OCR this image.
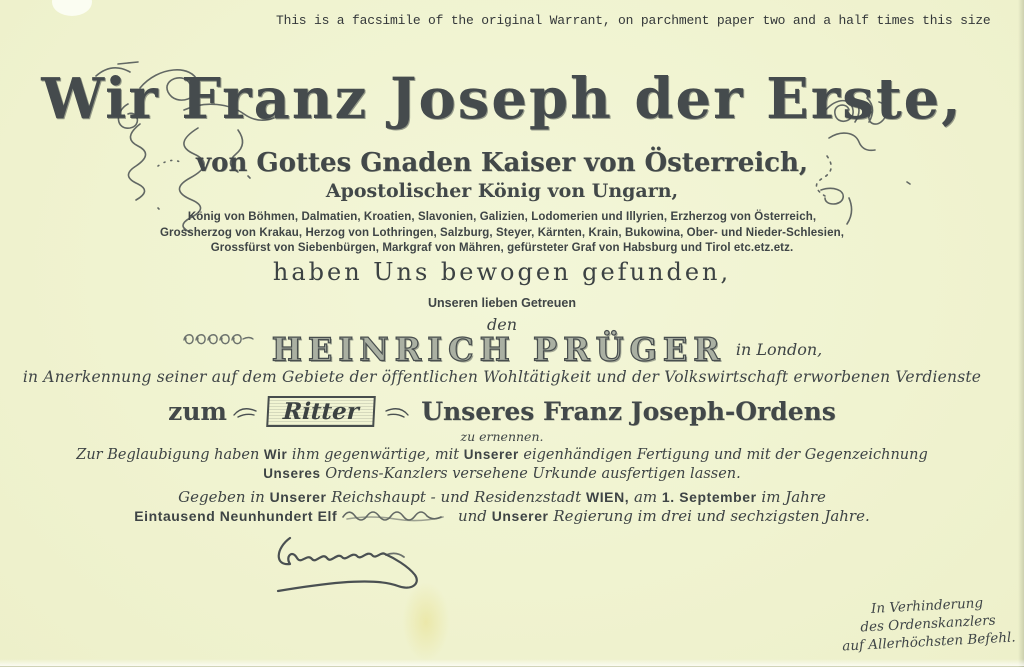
This is a facsimile of the original Warrant, on parchment paper two and a half times this size
Wir Franz Joseph der Erste,
von Gottes Gnaden Kaiser von Österreich,
Apostolischer König von Ungarn,
König von Böhmen, Dalmatien, Kroatien, Slavonien, Galizien, Lodomerien und Illyrien, Erzherzog von Österreich,
Grossherzog von Krakau, Herzog von Lothringen, Salzburg, Steyer, Kärnten, Krain, Bukowina, Ober- und Nieder-Schlesien,
Grossfürst von Siebenbürgen, Markgraf von Mähren, gefürsteter Graf von Habsburg und Tirol etc.etz.etz.
haben Uns bewogen gefunden,
Unseren lieben Getreuen
den
HEINRICH PRÜGER in London,
in Anerkennung seiner auf dem Gebiete der öffentlichen Wohltätigkeit und der Volkswirtschaft erworbenen Verdienste
zum Ritter Unseres Franz Joseph-Ordens
zu ernennen.
Zur Beglaubigung haben Wir ihm gegenwärtige, mit Unserer eigenhändigen Fertigung und mit der Gegenzeichnung
Unseres Ordens-Kanzlers versehene Urkunde ausfertigen lassen.
Gegeben in Unserer Reichshaupt - und Residenzstadt WIEN, am 1. September im Jahre
Eintausend Neunhundert Elf	und Unserer Regierung im drei und sechzigsten Jahre.
In Verhinderung
des Ordenskanzlers
auf Allerhöchsten Befehl.
